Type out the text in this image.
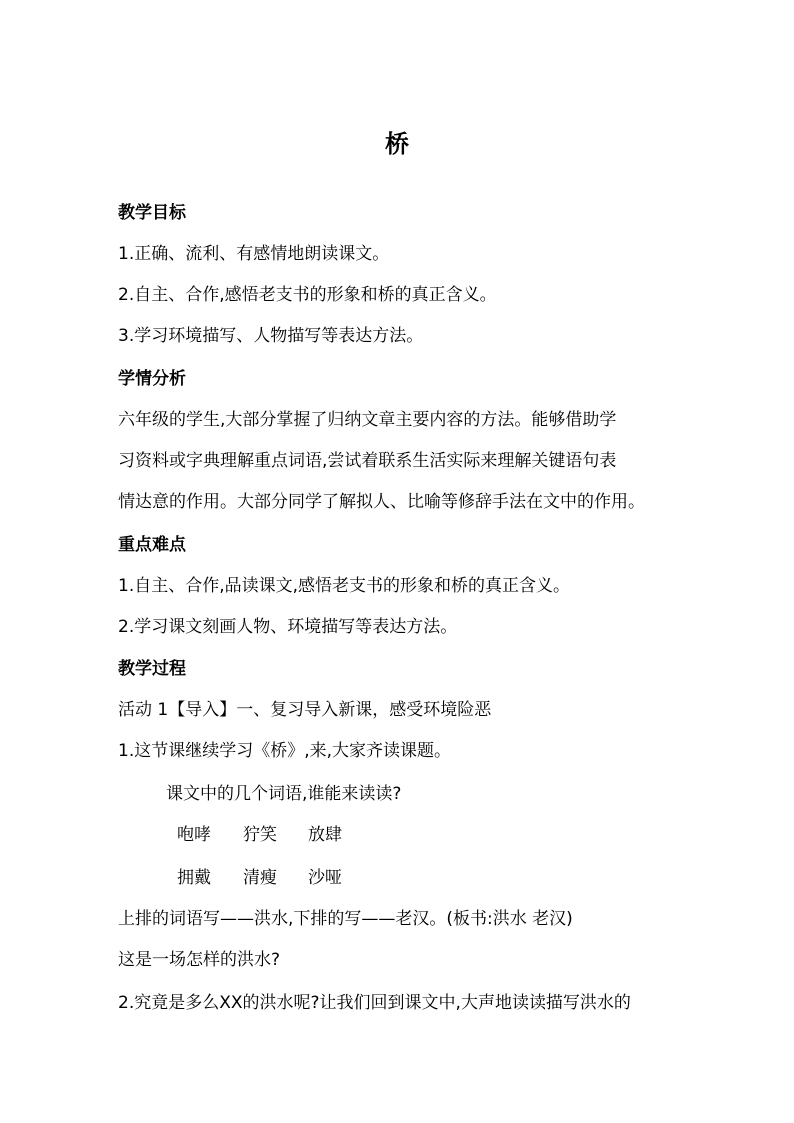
桥
教学目标
1.正确、流利、有感情地朗读课文。
2.自主、合作,感悟老支书的形象和桥的真正含义。
3.学习环境描写、人物描写等表达方法。
学情分析
六年级的学生,大部分掌握了归纳文章主要内容的方法。能够借助学
习资料或字典理解重点词语,尝试着联系生活实际来理解关键语句表
情达意的作用。大部分同学了解拟人、比喻等修辞手法在文中的作用。
重点难点
1.自主、合作,品读课文,感悟老支书的形象和桥的真正含义。
2.学习课文刻画人物、环境描写等表达方法。
教学过程
活动 1【导入】一、复习导入新课，感受环境险恶
1.这节课继续学习《桥》,来,大家齐读课题。
课文中的几个词语,谁能来读读?
咆哮 狞笑 放肆
拥戴 清瘦 沙哑
上排的词语写——洪水,下排的写——老汉。(板书:洪水 老汉)
这是一场怎样的洪水?
2.究竟是多么XX的洪水呢?让我们回到课文中,大声地读读描写洪水的
